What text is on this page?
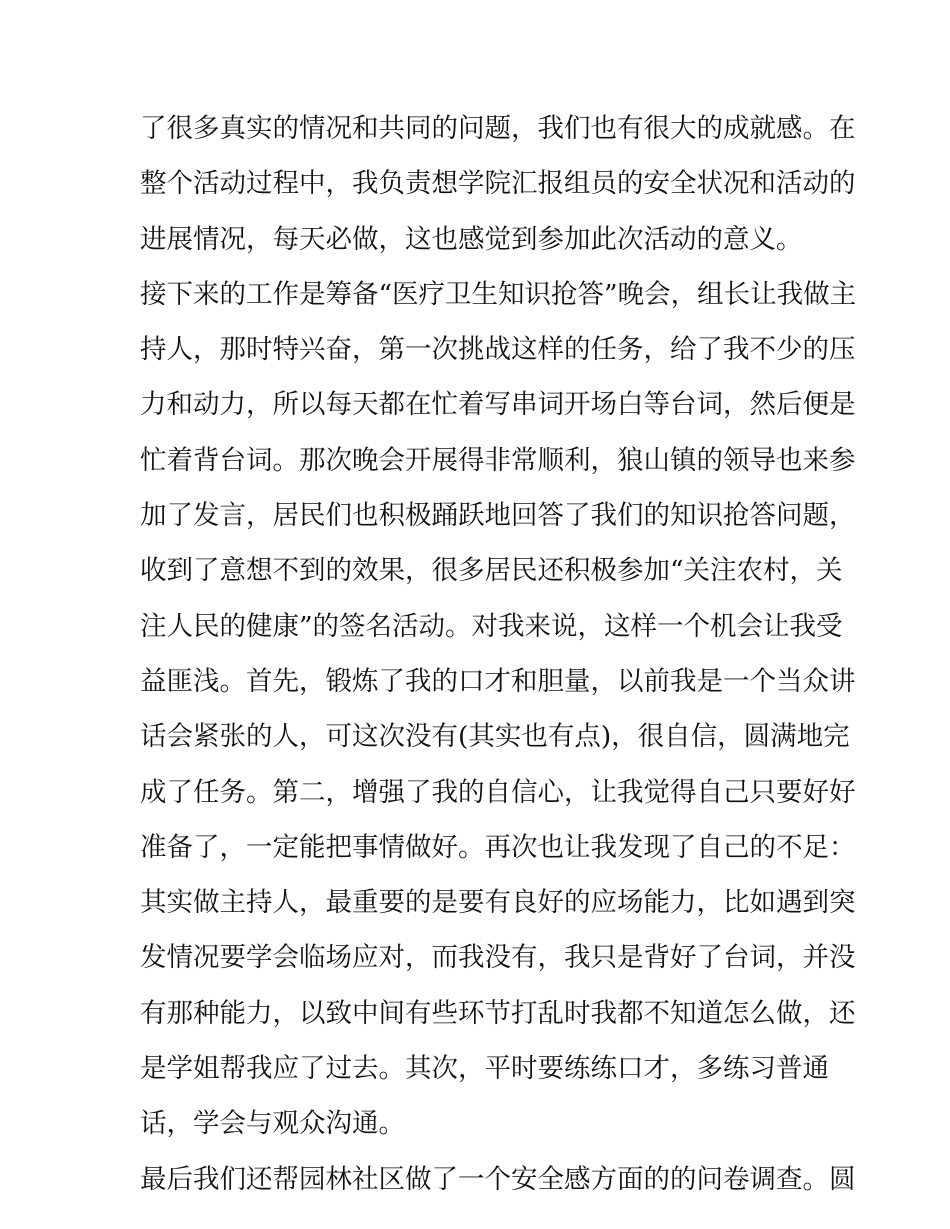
了很多真实的情况和共同的问题，我们也有很大的成就感。在
整个活动过程中，我负责想学院汇报组员的安全状况和活动的
进展情况，每天必做，这也感觉到参加此次活动的意义。
接下来的工作是筹备“医疗卫生知识抢答”晚会，组长让我做主
持人，那时特兴奋，第一次挑战这样的任务，给了我不少的压
力和动力，所以每天都在忙着写串词开场白等台词，然后便是
忙着背台词。那次晚会开展得非常顺利，狼山镇的领导也来参
加了发言，居民们也积极踊跃地回答了我们的知识抢答问题，
收到了意想不到的效果，很多居民还积极参加“关注农村，关
注人民的健康”的签名活动。对我来说，这样一个机会让我受
益匪浅。首先，锻炼了我的口才和胆量，以前我是一个当众讲
话会紧张的人，可这次没有(其实也有点)，很自信，圆满地完
成了任务。第二，增强了我的自信心，让我觉得自己只要好好
准备了，一定能把事情做好。再次也让我发现了自己的不足：
其实做主持人，最重要的是要有良好的应场能力，比如遇到突
发情况要学会临场应对，而我没有，我只是背好了台词，并没
有那种能力，以致中间有些环节打乱时我都不知道怎么做，还
是学姐帮我应了过去。其次，平时要练练口才，多练习普通
话，学会与观众沟通。
最后我们还帮园林社区做了一个安全感方面的的问卷调查。圆
